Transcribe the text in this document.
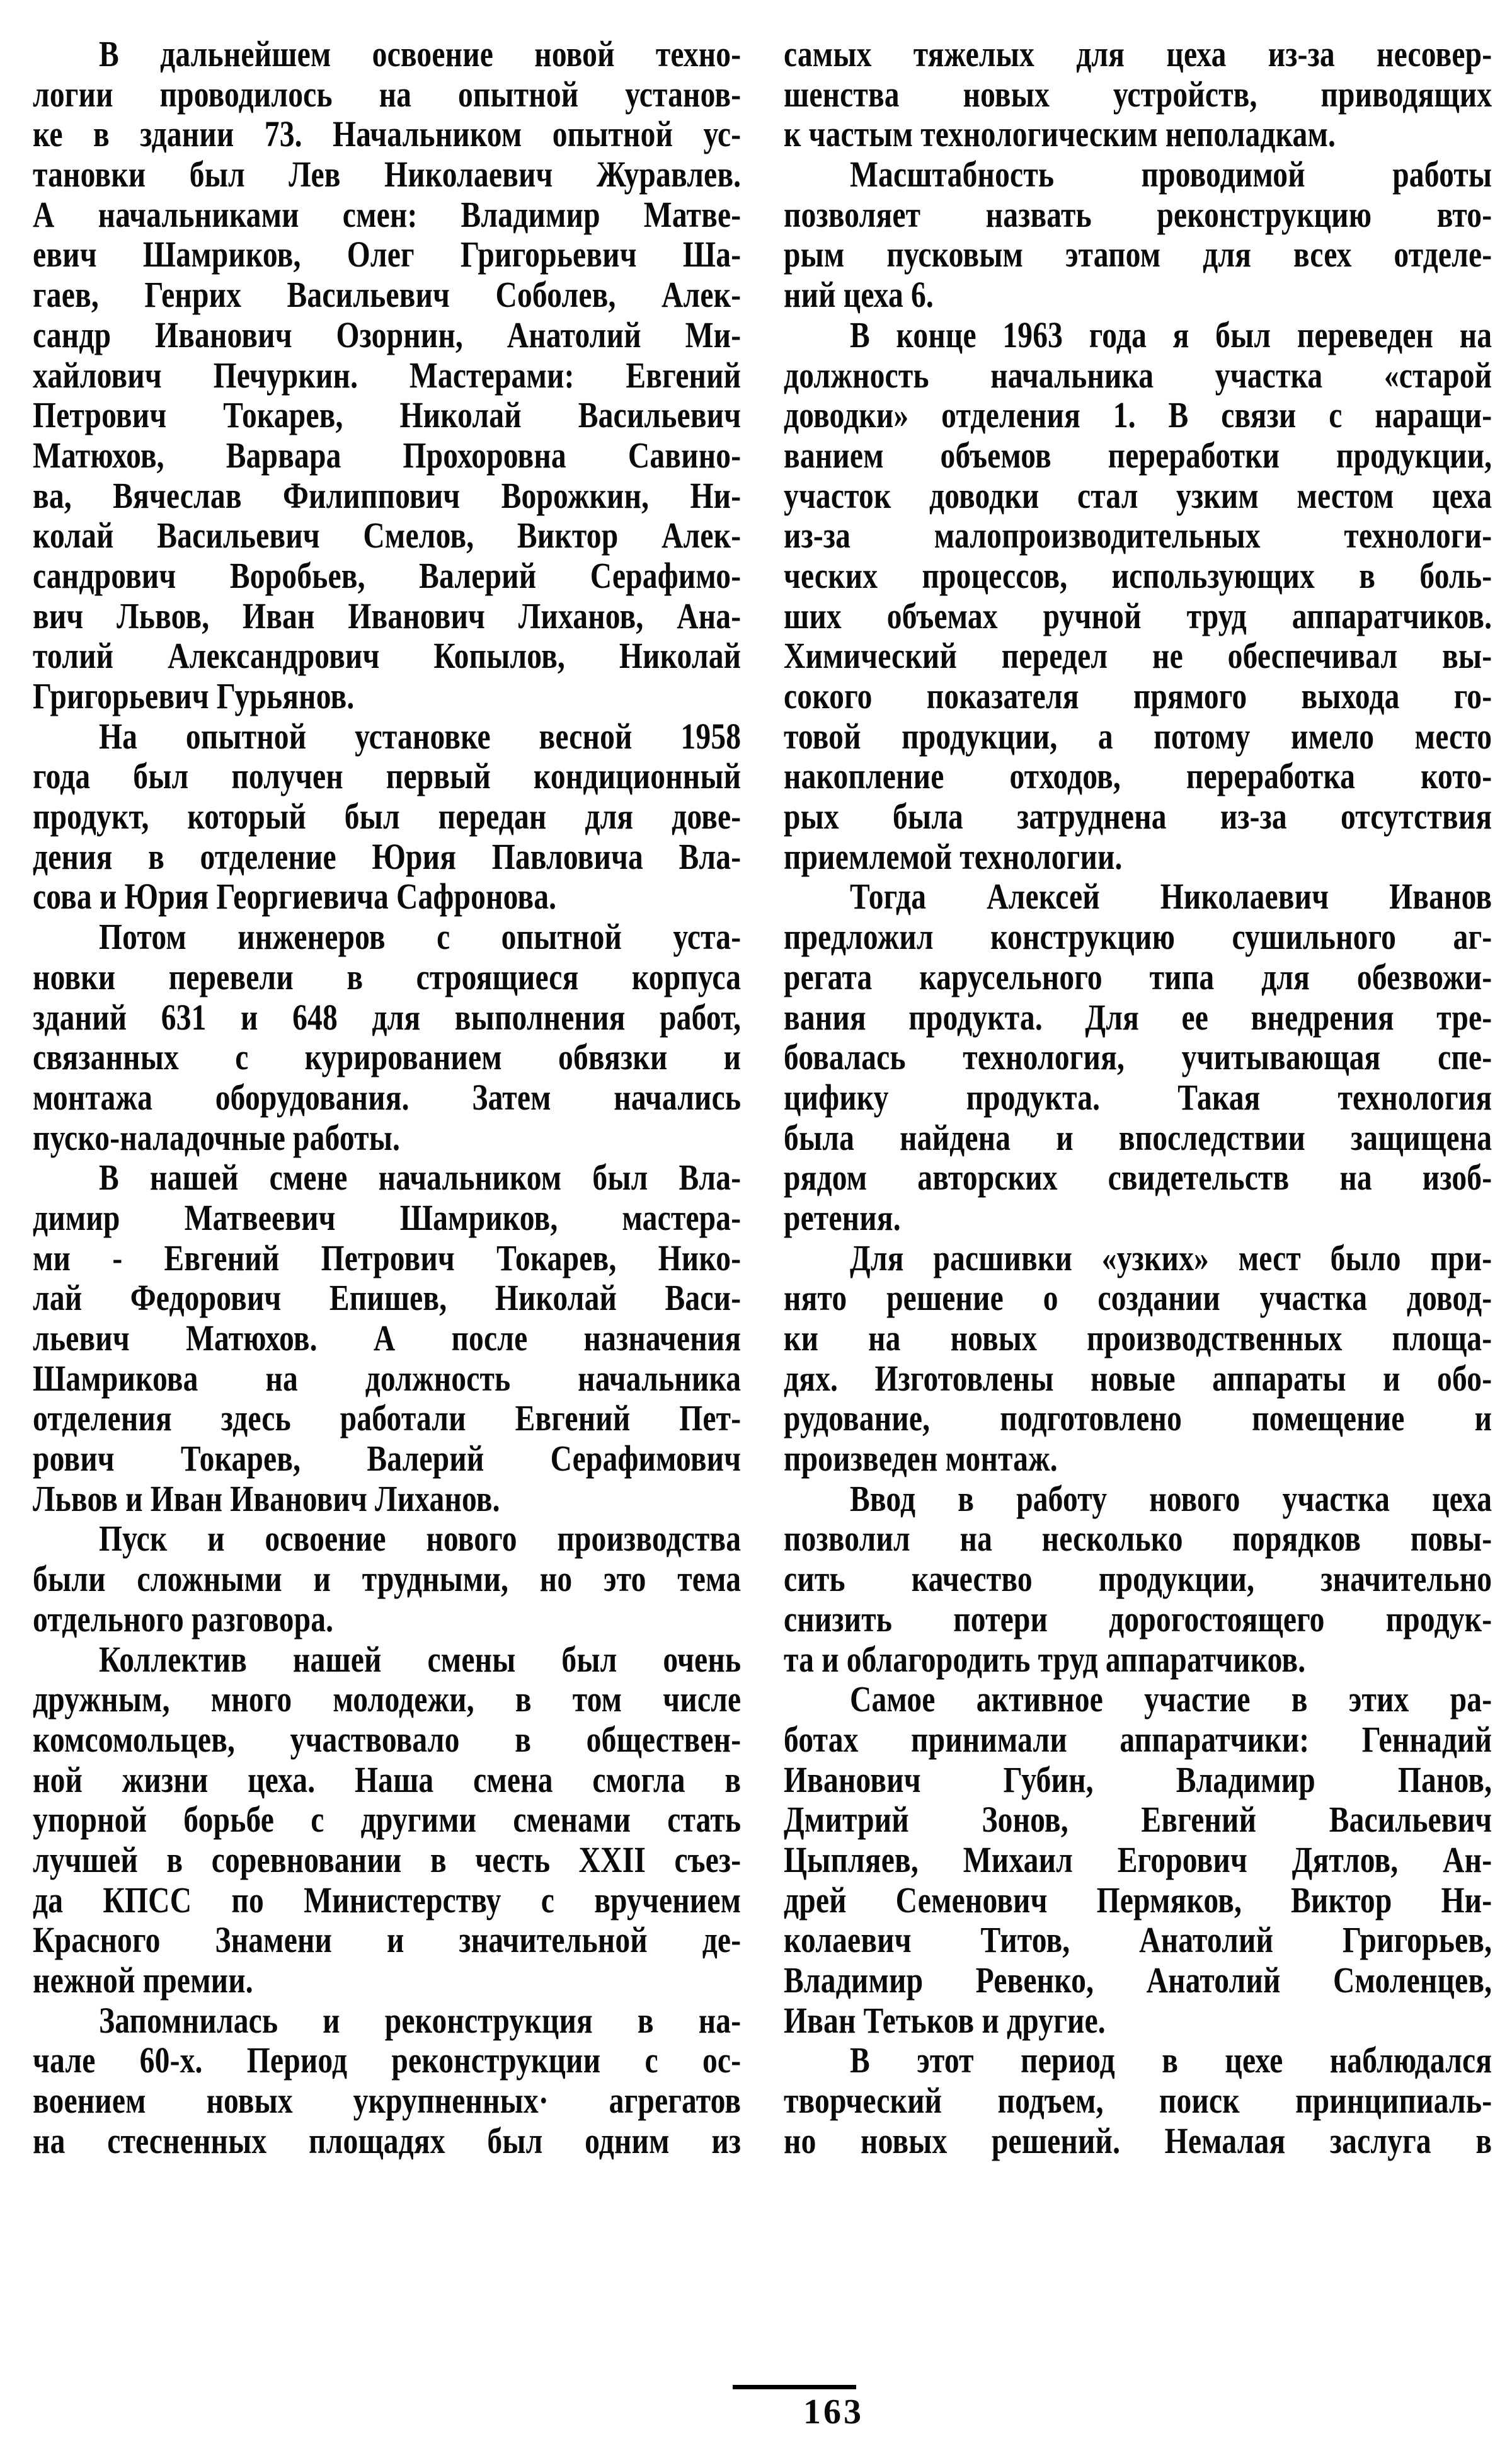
В дальнейшем освоение новой техно-
логии проводилось на опытной установ-
ке в здании 73. Начальником опытной ус-
тановки был Лев Николаевич Журавлев.
А начальниками смен: Владимир Матве-
евич Шамриков, Олег Григорьевич Ша-
гаев, Генрих Васильевич Соболев, Алек-
сандр Иванович Озорнин, Анатолий Ми-
хайлович Печуркин. Мастерами: Евгений
Петрович Токарев, Николай Васильевич
Матюхов, Варвара Прохоровна Савино-
ва, Вячеслав Филиппович Ворожкин, Ни-
колай Васильевич Смелов, Виктор Алек-
сандрович Воробьев, Валерий Серафимо-
вич Львов, Иван Иванович Лиханов, Ана-
толий Александрович Копылов, Николай
Григорьевич Гурьянов.
На опытной установке весной 1958
года был получен первый кондиционный
продукт, который был передан для дове-
дения в отделение Юрия Павловича Вла-
сова и Юрия Георгиевича Сафронова.
Потом инженеров с опытной уста-
новки перевели в строящиеся корпуса
зданий 631 и 648 для выполнения работ,
связанных с курированием обвязки и
монтажа оборудования. Затем начались
пуско-наладочные работы.
В нашей смене начальником был Вла-
димир Матвеевич Шамриков, мастера-
ми - Евгений Петрович Токарев, Нико-
лай Федорович Епишев, Николай Васи-
льевич Матюхов. А после назначения
Шамрикова на должность начальника
отделения здесь работали Евгений Пет-
рович Токарев, Валерий Серафимович
Львов и Иван Иванович Лиханов.
Пуск и освоение нового производства
были сложными и трудными, но это тема
отдельного разговора.
Коллектив нашей смены был очень
дружным, много молодежи, в том числе
комсомольцев, участвовало в обществен-
ной жизни цеха. Наша смена смогла в
упорной борьбе с другими сменами стать
лучшей в соревновании в честь XXII съез-
да КПСС по Министерству с вручением
Красного Знамени и значительной де-
нежной премии.
Запомнилась и реконструкция в на-
чале 60-х. Период реконструкции с ос-
воением новых укрупненных· агрегатов
на стесненных площадях был одним из
самых тяжелых для цеха из-за несовер-
шенства новых устройств, приводящих
к частым технологическим неполадкам.
Масштабность проводимой работы
позволяет назвать реконструкцию вто-
рым пусковым этапом для всех отделе-
ний цеха 6.
В конце 1963 года я был переведен на
должность начальника участка «старой
доводки» отделения 1. В связи с наращи-
ванием объемов переработки продукции,
участок доводки стал узким местом цеха
из-за малопроизводительных технологи-
ческих процессов, использующих в боль-
ших объемах ручной труд аппаратчиков.
Химический передел не обеспечивал вы-
сокого показателя прямого выхода го-
товой продукции, а потому имело место
накопление отходов, переработка кото-
рых была затруднена из-за отсутствия
приемлемой технологии.
Тогда Алексей Николаевич Иванов
предложил конструкцию сушильного аг-
регата карусельного типа для обезвожи-
вания продукта. Для ее внедрения тре-
бовалась технология, учитывающая спе-
цифику продукта. Такая технология
была найдена и впоследствии защищена
рядом авторских свидетельств на изоб-
ретения.
Для расшивки «узких» мест было при-
нято решение о создании участка довод-
ки на новых производственных площа-
дях. Изготовлены новые аппараты и обо-
рудование, подготовлено помещение и
произведен монтаж.
Ввод в работу нового участка цеха
позволил на несколько порядков повы-
сить качество продукции, значительно
снизить потери дорогостоящего продук-
та и облагородить труд аппаратчиков.
Самое активное участие в этих ра-
ботах принимали аппаратчики: Геннадий
Иванович Губин, Владимир Панов,
Дмитрий Зонов, Евгений Васильевич
Цыпляев, Михаил Егорович Дятлов, Ан-
дрей Семенович Пермяков, Виктор Ни-
колаевич Титов, Анатолий Григорьев,
Владимир Ревенко, Анатолий Смоленцев,
Иван Тетьков и другие.
В этот период в цехе наблюдался
творческий подъем, поиск принципиаль-
но новых решений. Немалая заслуга в
163
